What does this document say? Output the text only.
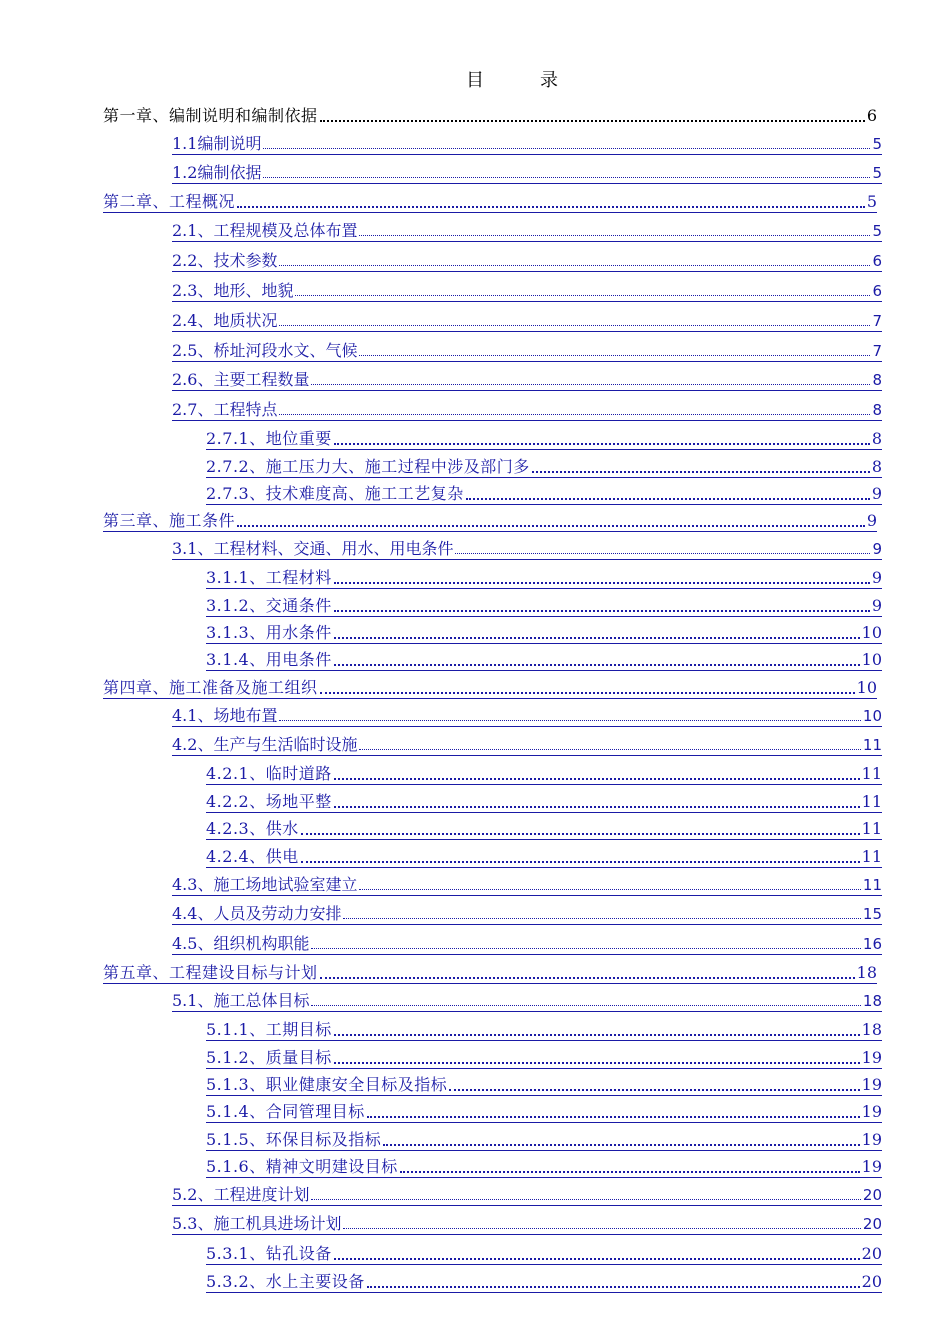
目	录
第一章、编制说明和编制依据	6
1.1编制说明	5
1.2编制依据	5
第二章、工程概况	5
2.1、工程规模及总体布置	5
2.2、技术参数	6
2.3、地形、地貌	6
2.4、地质状况	7
2.5、桥址河段水文、气候	7
2.6、主要工程数量	8
2.7、工程特点	8
2.7.1、地位重要	8
2.7.2、施工压力大、施工过程中涉及部门多	8
2.7.3、技术难度高、施工工艺复杂	9
第三章、施工条件	9
3.1、工程材料、交通、用水、用电条件	9
3.1.1、工程材料	9
3.1.2、交通条件	9
3.1.3、用水条件	10
3.1.4、用电条件	10
第四章、施工准备及施工组织	10
4.1、场地布置	10
4.2、生产与生活临时设施	11
4.2.1、临时道路	11
4.2.2、场地平整	11
4.2.3、供水	11
4.2.4、供电	11
4.3、施工场地试验室建立	11
4.4、人员及劳动力安排	15
4.5、组织机构职能	16
第五章、工程建设目标与计划	18
5.1、施工总体目标	18
5.1.1、工期目标	18
5.1.2、质量目标	19
5.1.3、职业健康安全目标及指标	19
5.1.4、合同管理目标	19
5.1.5、环保目标及指标	19
5.1.6、精神文明建设目标	19
5.2、工程进度计划	20
5.3、施工机具进场计划	20
5.3.1、钻孔设备	20
5.3.2、水上主要设备	20
